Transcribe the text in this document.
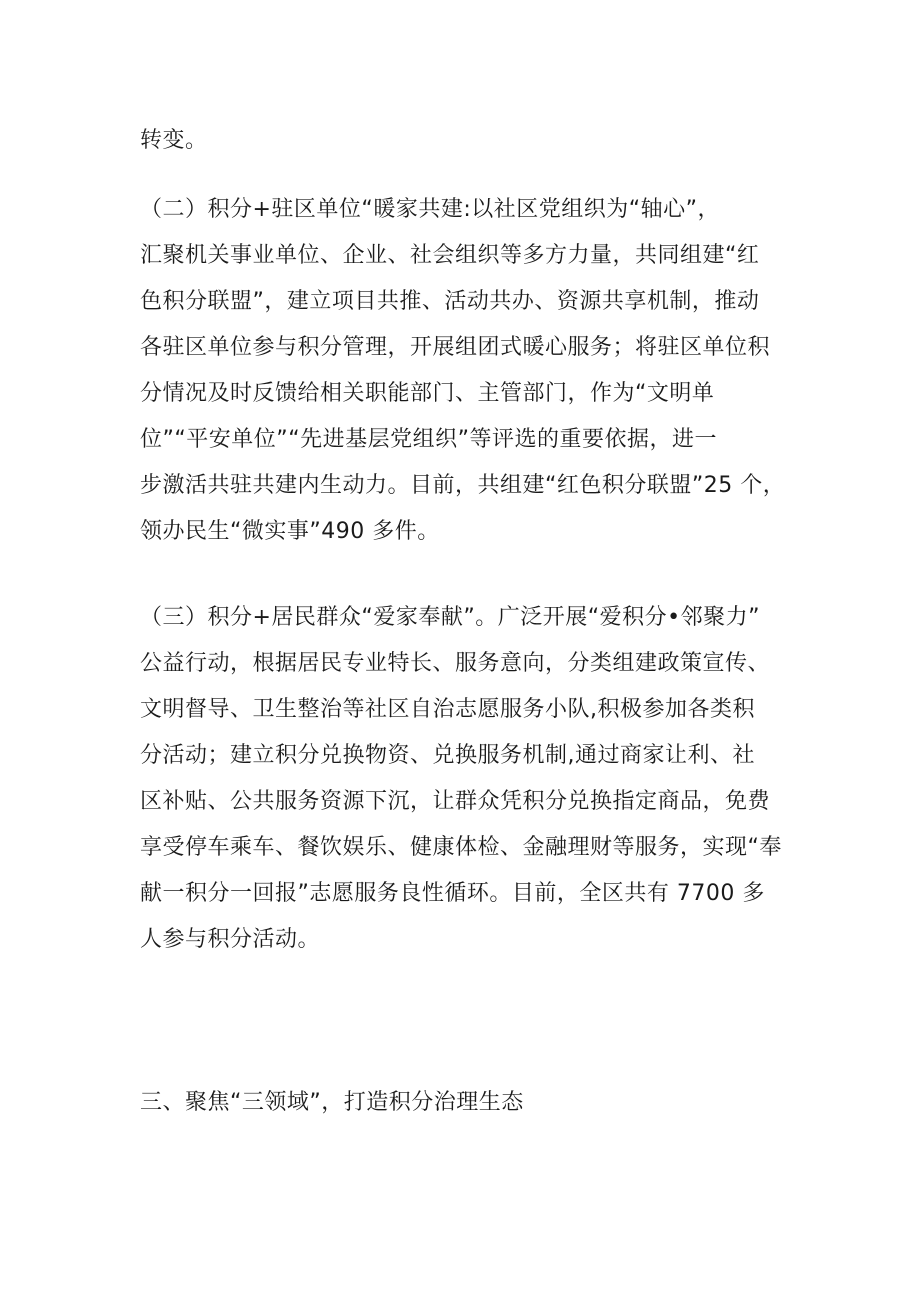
转变。
（二）积分+驻区单位“暖家共建:以社区党组织为“轴心”，
汇聚机关事业单位、企业、社会组织等多方力量，共同组建“红
色积分联盟”，建立项目共推、活动共办、资源共享机制，推动
各驻区单位参与积分管理，开展组团式暖心服务；将驻区单位积
分情况及时反馈给相关职能部门、主管部门，作为“文明单
位”“平安单位”“先进基层党组织”等评选的重要依据，进一
步激活共驻共建内生动力。目前，共组建“红色积分联盟”25 个，
领办民生“微实事”490 多件。
（三）积分+居民群众“爱家奉献”。广泛开展“爱积分•邻聚力”
公益行动，根据居民专业特长、服务意向，分类组建政策宣传、
文明督导、卫生整治等社区自治志愿服务小队,积极参加各类积
分活动；建立积分兑换物资、兑换服务机制,通过商家让利、社
区补贴、公共服务资源下沉，让群众凭积分兑换指定商品，免费
享受停车乘车、餐饮娱乐、健康体检、金融理财等服务，实现“奉
献一积分一回报”志愿服务良性循环。目前，全区共有 7700 多
人参与积分活动。
三、聚焦“三领域”，打造积分治理生态
